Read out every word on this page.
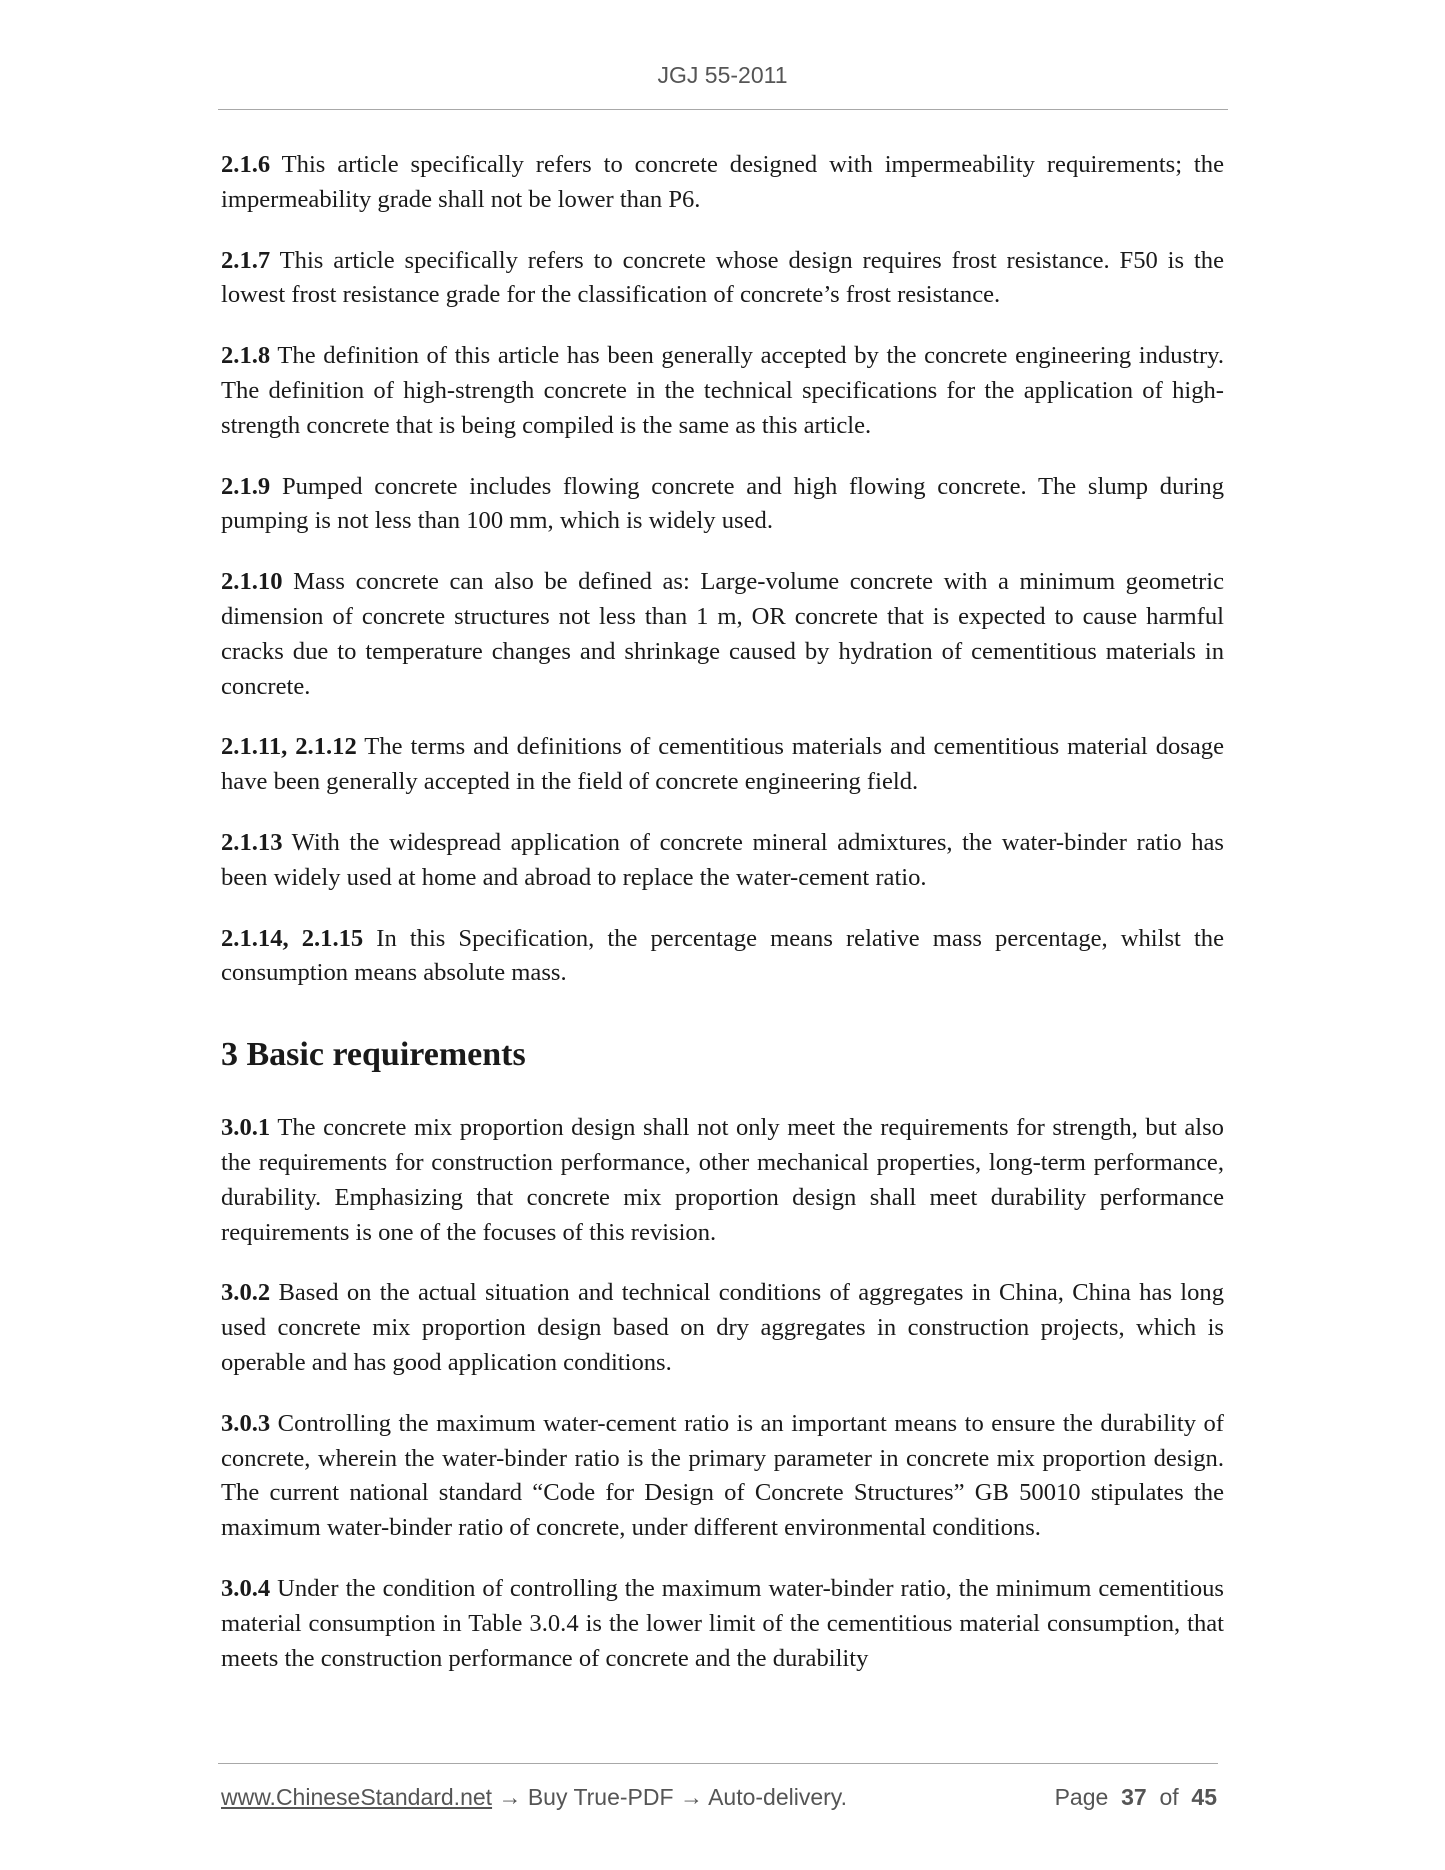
JGJ 55-2011

2.1.6 This article specifically refers to concrete designed with impermeability requirements; the impermeability grade shall not be lower than P6.

2.1.7 This article specifically refers to concrete whose design requires frost resistance. F50 is the lowest frost resistance grade for the classification of concrete’s frost resistance.

2.1.8 The definition of this article has been generally accepted by the concrete engineering industry. The definition of high-strength concrete in the technical specifications for the application of high-strength concrete that is being compiled is the same as this article.

2.1.9 Pumped concrete includes flowing concrete and high flowing concrete. The slump during pumping is not less than 100 mm, which is widely used.

2.1.10 Mass concrete can also be defined as: Large-volume concrete with a minimum geometric dimension of concrete structures not less than 1 m, OR concrete that is expected to cause harmful cracks due to temperature changes and shrinkage caused by hydration of cementitious materials in concrete.

2.1.11, 2.1.12 The terms and definitions of cementitious materials and cementitious material dosage have been generally accepted in the field of concrete engineering field.

2.1.13 With the widespread application of concrete mineral admixtures, the water-binder ratio has been widely used at home and abroad to replace the water-cement ratio.

2.1.14, 2.1.15 In this Specification, the percentage means relative mass percentage, whilst the consumption means absolute mass.

3 Basic requirements

3.0.1 The concrete mix proportion design shall not only meet the requirements for strength, but also the requirements for construction performance, other mechanical properties, long-term performance, durability. Emphasizing that concrete mix proportion design shall meet durability performance requirements is one of the focuses of this revision.

3.0.2 Based on the actual situation and technical conditions of aggregates in China, China has long used concrete mix proportion design based on dry aggregates in construction projects, which is operable and has good application conditions.

3.0.3 Controlling the maximum water-cement ratio is an important means to ensure the durability of concrete, wherein the water-binder ratio is the primary parameter in concrete mix proportion design. The current national standard “Code for Design of Concrete Structures” GB 50010 stipulates the maximum water-binder ratio of concrete, under different environmental conditions.

3.0.4 Under the condition of controlling the maximum water-binder ratio, the minimum cementitious material consumption in Table 3.0.4 is the lower limit of the cementitious material consumption, that meets the construction performance of concrete and the durability

www.ChineseStandard.net → Buy True-PDF → Auto-delivery.	Page 37 of 45
